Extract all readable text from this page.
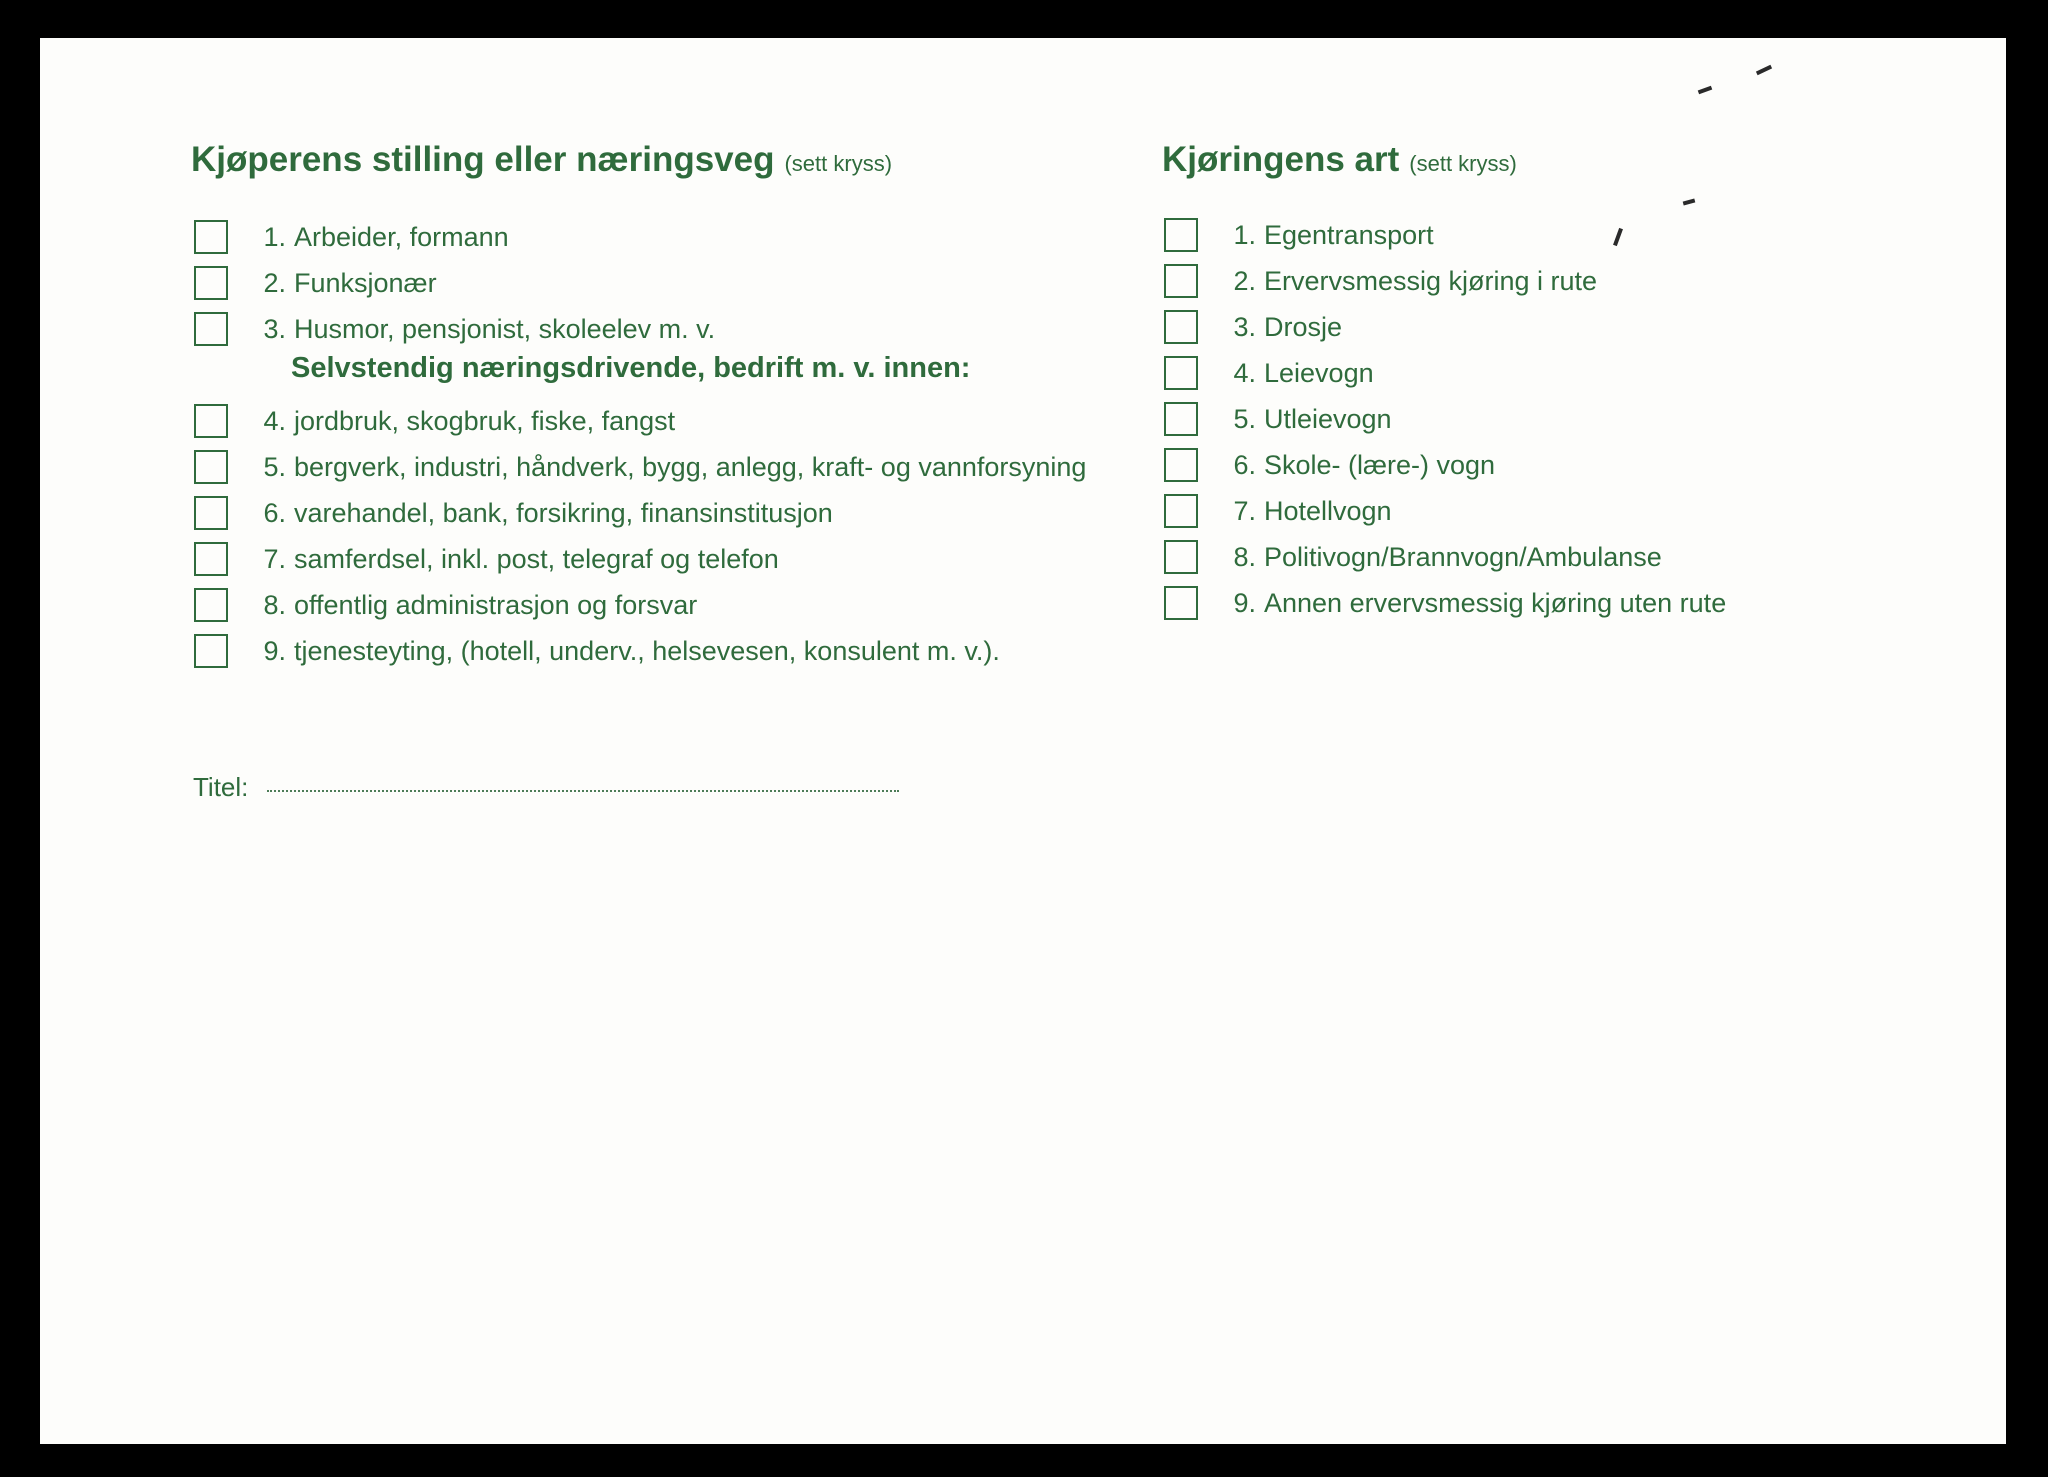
Kjøperens stilling eller næringsveg (sett kryss)
1. Arbeider, formann
2. Funksjonær
3. Husmor, pensjonist, skoleelev m. v.
Selvstendig næringsdrivende, bedrift m. v. innen:
4. jordbruk, skogbruk, fiske, fangst
5. bergverk, industri, håndverk, bygg, anlegg, kraft- og vannforsyning
6. varehandel, bank, forsikring, finansinstitusjon
7. samferdsel, inkl. post, telegraf og telefon
8. offentlig administrasjon og forsvar
9. tjenesteyting, (hotell, underv., helsevesen, konsulent m. v.).
Kjøringens art (sett kryss)
1. Egentransport
2. Ervervsmessig kjøring i rute
3. Drosje
4. Leievogn
5. Utleievogn
6. Skole- (lære-) vogn
7. Hotellvogn
8. Politivogn/Brannvogn/Ambulanse
9. Annen ervervsmessig kjøring uten rute
Titel:
